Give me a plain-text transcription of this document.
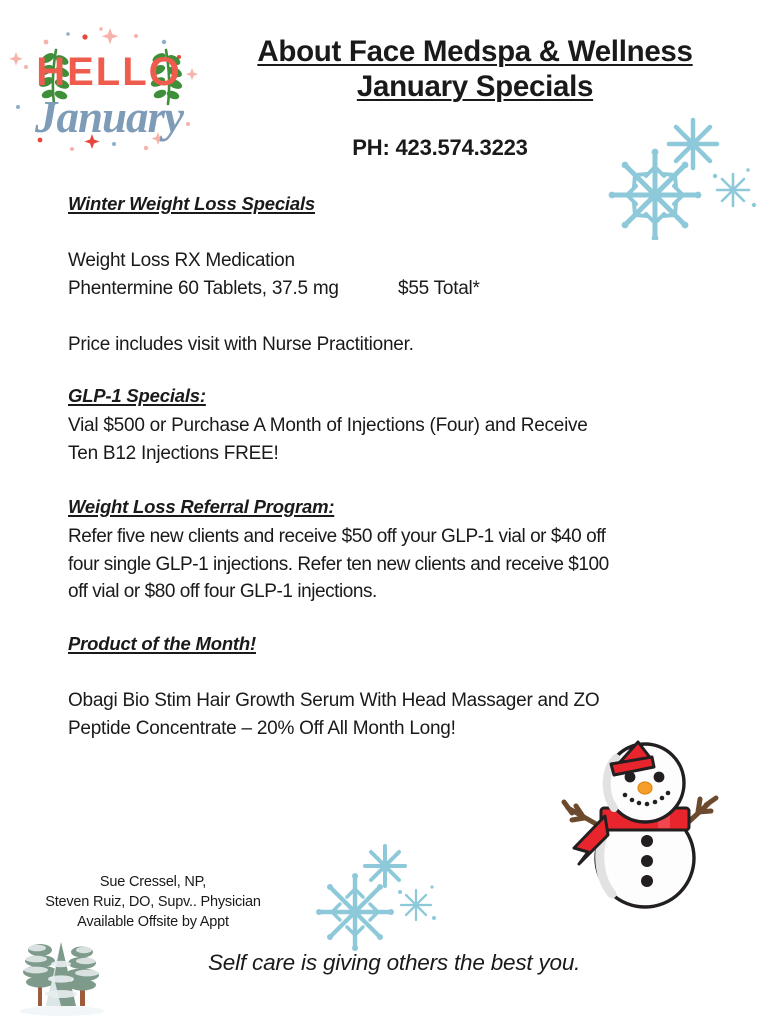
HELLO
January
About Face Medspa & Wellness
January Specials
PH: 423.574.3223
Winter Weight Loss Specials
Weight Loss RX Medication
Phentermine 60 Tablets, 37.5 mg	$55 Total*
Price includes visit with Nurse Practitioner.
GLP-1 Specials:
Vial $500 or Purchase A Month of Injections (Four) and Receive
Ten B12 Injections FREE!
Weight Loss Referral Program:
Refer five new clients and receive $50 off your GLP-1 vial or $40 off
four single GLP-1 injections. Refer ten new clients and receive $100
off vial or $80 off four GLP-1 injections.
Product of the Month!
Obagi Bio Stim Hair Growth Serum With Head Massager and ZO
Peptide Concentrate – 20% Off All Month Long!
Sue Cressel, NP,
Steven Ruiz, DO, Supv.. Physician
Available Offsite by Appt
Self care is giving others the best you.
